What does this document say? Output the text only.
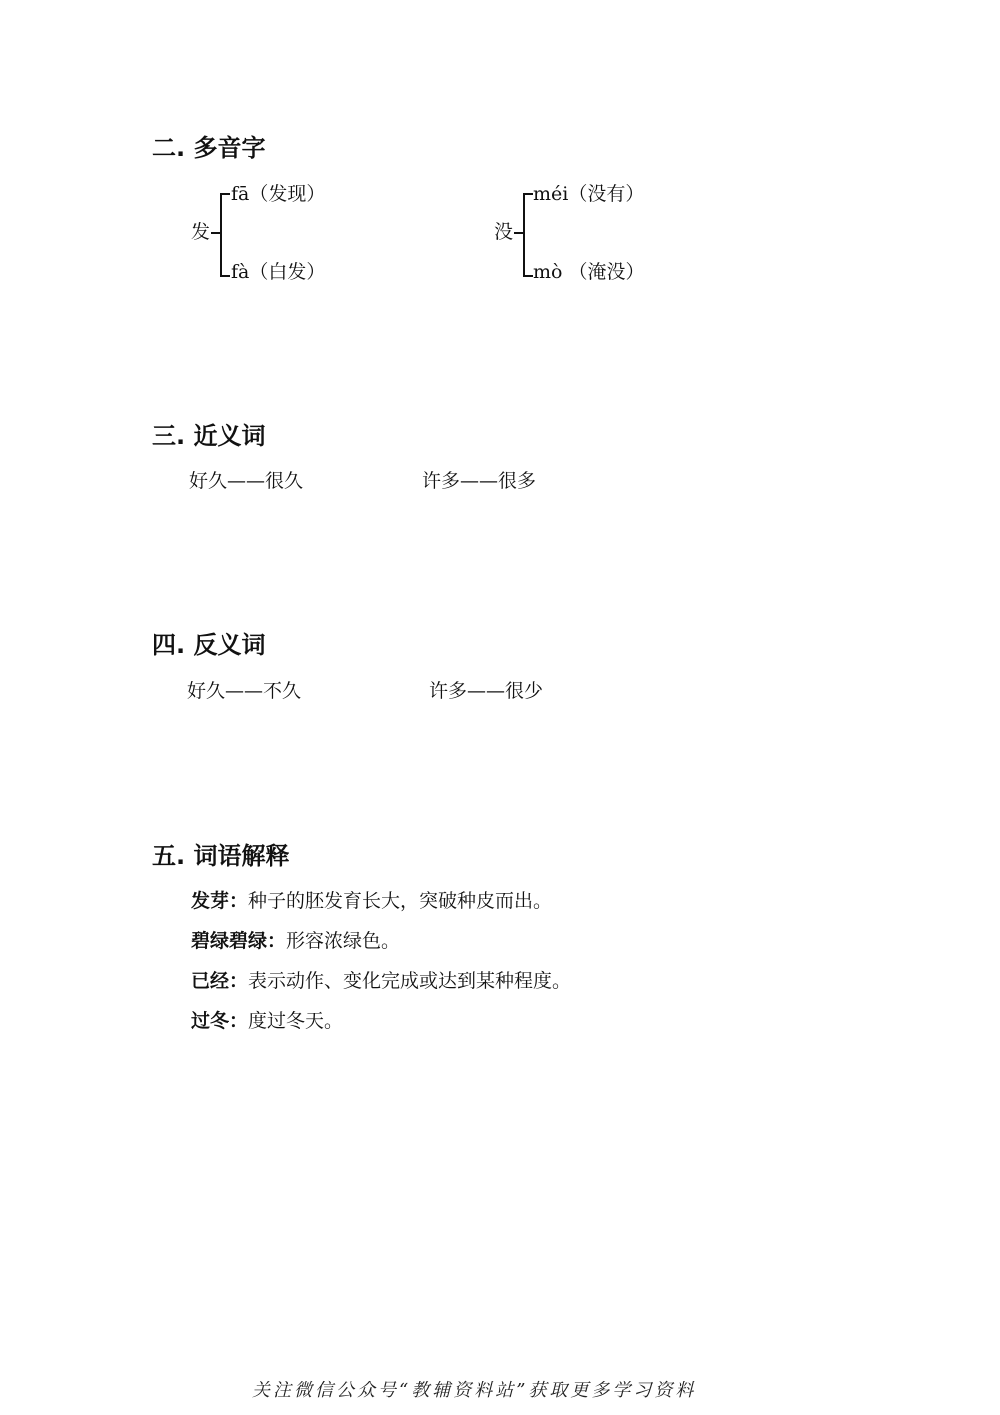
二. 多音字
发
fā（发现）
fà（白发）
没
méi（没有）
mò （淹没）
三. 近义词
好久——很久	许多——很多
四. 反义词
好久——不久	许多——很少
五. 词语解释
发芽：种子的胚发育长大，突破种皮而出。
碧绿碧绿：形容浓绿色。
已经：表示动作、变化完成或达到某种程度。
过冬：度过冬天。
关注微信公众号“教辅资料站”获取更多学习资料
